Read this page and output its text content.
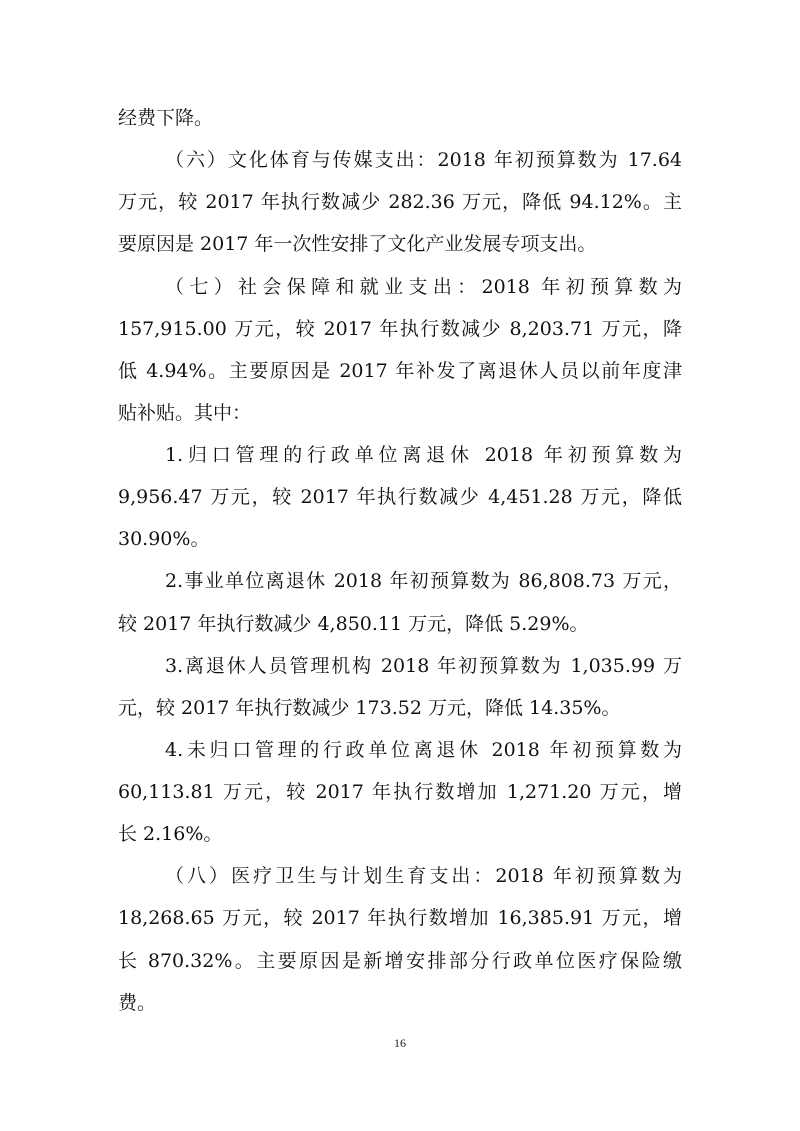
经费下降。
（六）文化体育与传媒支出：2018 年初预算数为 17.64
万元，较 2017 年执行数减少 282.36 万元，降低 94.12%。主
要原因是 2017 年一次性安排了文化产业发展专项支出。
（七）社会保障和就业支出：2018 年初预算数为
157,915.00 万元，较 2017 年执行数减少 8,203.71 万元，降
低 4.94%。主要原因是 2017 年补发了离退休人员以前年度津
贴补贴。其中：
1.归口管理的行政单位离退休 2018 年初预算数为
9,956.47 万元，较 2017 年执行数减少 4,451.28 万元，降低
30.90%。
2.事业单位离退休 2018 年初预算数为 86,808.73 万元，
较 2017 年执行数减少 4,850.11 万元，降低 5.29%。
3.离退休人员管理机构 2018 年初预算数为 1,035.99 万
元，较 2017 年执行数减少 173.52 万元，降低 14.35%。
4.未归口管理的行政单位离退休 2018 年初预算数为
60,113.81 万元，较 2017 年执行数增加 1,271.20 万元，增
长 2.16%。
（八）医疗卫生与计划生育支出：2018 年初预算数为
18,268.65 万元，较 2017 年执行数增加 16,385.91 万元，增
长 870.32%。主要原因是新增安排部分行政单位医疗保险缴
费。
16
